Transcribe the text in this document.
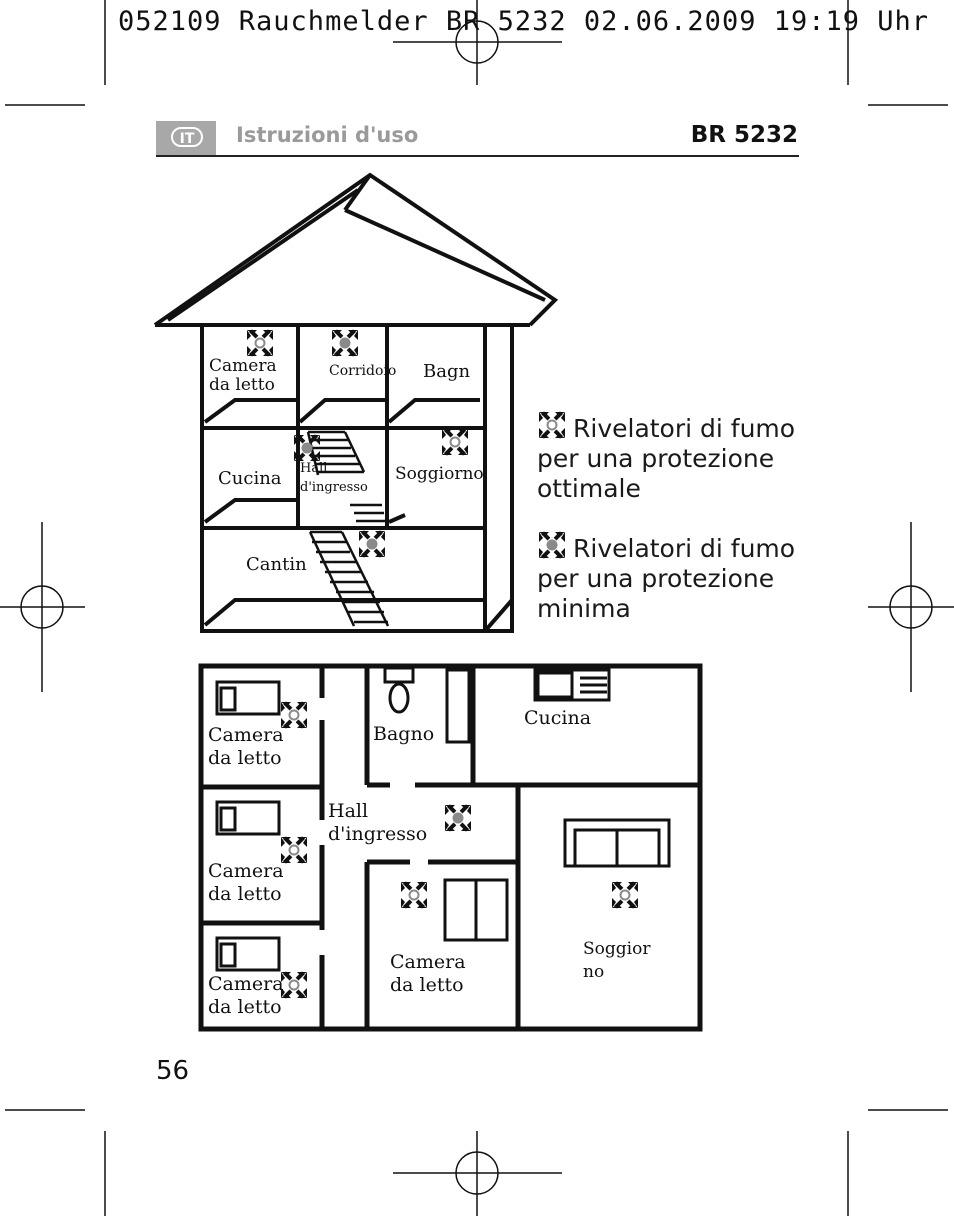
052109 Rauchmelder BR 5232 02.06.2009 19:19 Uhr
IT	Istruzioni d'uso	BR 5232
Camera
da letto
Corridoio Bagn
Cucina Hall
d'ingresso
Soggiorno
Cantin
Rivelatori di fumo per una protezione ottimale
Rivelatori di fumo per una protezione minima
Camera
da letto
Bagno
Cucina
Hall
d'ingresso
Camera
da letto
Camera
da letto
Camera
da letto
Soggior
no
56
